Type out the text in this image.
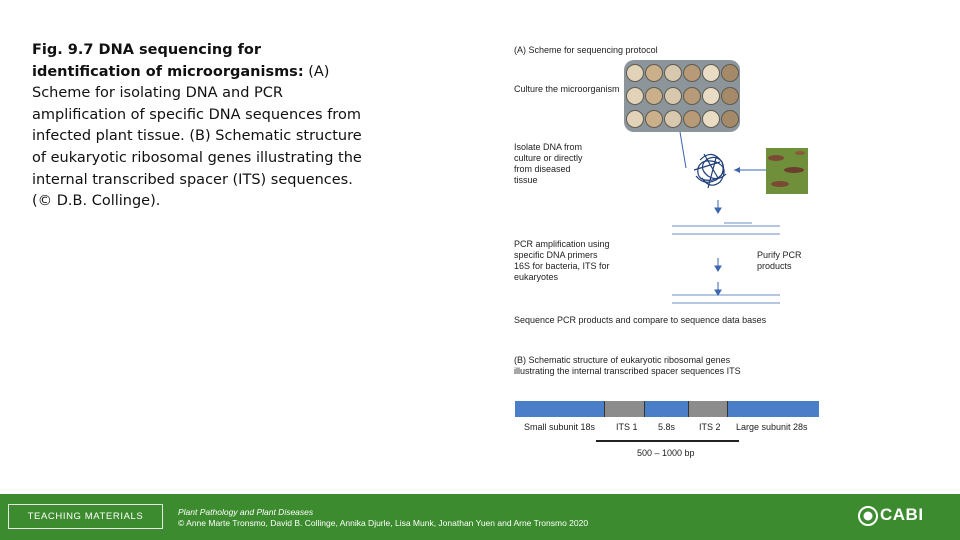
Fig. 9.7 DNA sequencing for identification of microorganisms: (A) Scheme for isolating DNA and PCR amplification of specific DNA sequences from infected plant tissue. (B) Schematic structure of eukaryotic ribosomal genes illustrating the internal transcribed spacer (ITS) sequences. (© D.B. Collinge).
(A) Scheme for sequencing protocol
Culture the microorganism
Isolate DNA from
culture or directly
from diseased
tissue
PCR amplification using
specific DNA primers
16S for bacteria, ITS for
eukaryotes
Purify PCR
products
Sequence PCR products and compare to sequence data bases
(B) Schematic structure of eukaryotic ribosomal genes
illustrating the internal transcribed spacer sequences ITS
Small subunit 18s ITS 1 5.8s	ITS 2 Large subunit 28s
500 – 1000 bp
TEACHING MATERIALS	Plant Pathology and Plant Diseases
© Anne Marte Tronsmo, David B. Collinge, Annika Djurle, Lisa Munk, Jonathan Yuen and Arne Tronsmo 2020	CABI
